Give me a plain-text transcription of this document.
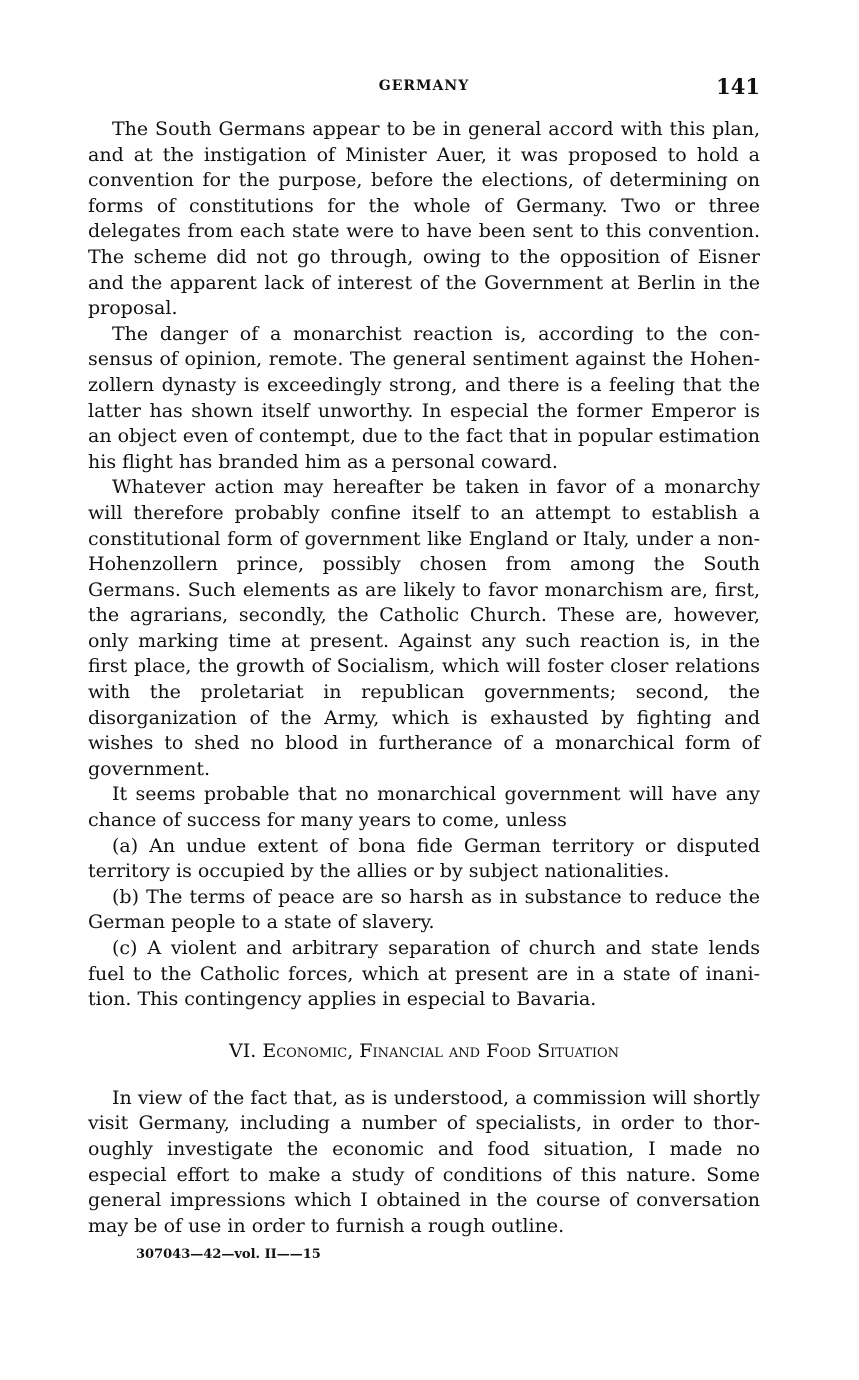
GERMANY	141

The South Germans appear to be in general accord with this plan, and at the instigation of Minister Auer, it was proposed to hold a convention for the purpose, before the elections, of determining on forms of constitutions for the whole of Germany. Two or three delegates from each state were to have been sent to this convention. The scheme did not go through, owing to the opposition of Eisner and the apparent lack of interest of the Government at Berlin in the proposal.

The danger of a monarchist reaction is, according to the consensus of opinion, remote. The general sentiment against the Hohenzollern dynasty is exceedingly strong, and there is a feeling that the latter has shown itself unworthy. In especial the former Emperor is an object even of contempt, due to the fact that in popular estimation his flight has branded him as a personal coward.

Whatever action may hereafter be taken in favor of a monarchy will therefore probably confine itself to an attempt to establish a constitutional form of government like England or Italy, under a non-Hohenzollern prince, possibly chosen from among the South Germans. Such elements as are likely to favor monarchism are, first, the agrarians, secondly, the Catholic Church. These are, however, only marking time at present. Against any such reaction is, in the first place, the growth of Socialism, which will foster closer relations with the proletariat in republican governments; second, the disorganization of the Army, which is exhausted by fighting and wishes to shed no blood in furtherance of a monarchical form of government.

It seems probable that no monarchical government will have any chance of success for many years to come, unless

(a) An undue extent of bona fide German territory or disputed territory is occupied by the allies or by subject nationalities.

(b) The terms of peace are so harsh as in substance to reduce the German people to a state of slavery.

(c) A violent and arbitrary separation of church and state lends fuel to the Catholic forces, which at present are in a state of inanition. This contingency applies in especial to Bavaria.

VI. Economic, Financial and Food Situation

In view of the fact that, as is understood, a commission will shortly visit Germany, including a number of specialists, in order to thoroughly investigate the economic and food situation, I made no especial effort to make a study of conditions of this nature. Some general impressions which I obtained in the course of conversation may be of use in order to furnish a rough outline.

307043—42—vol. II——15
